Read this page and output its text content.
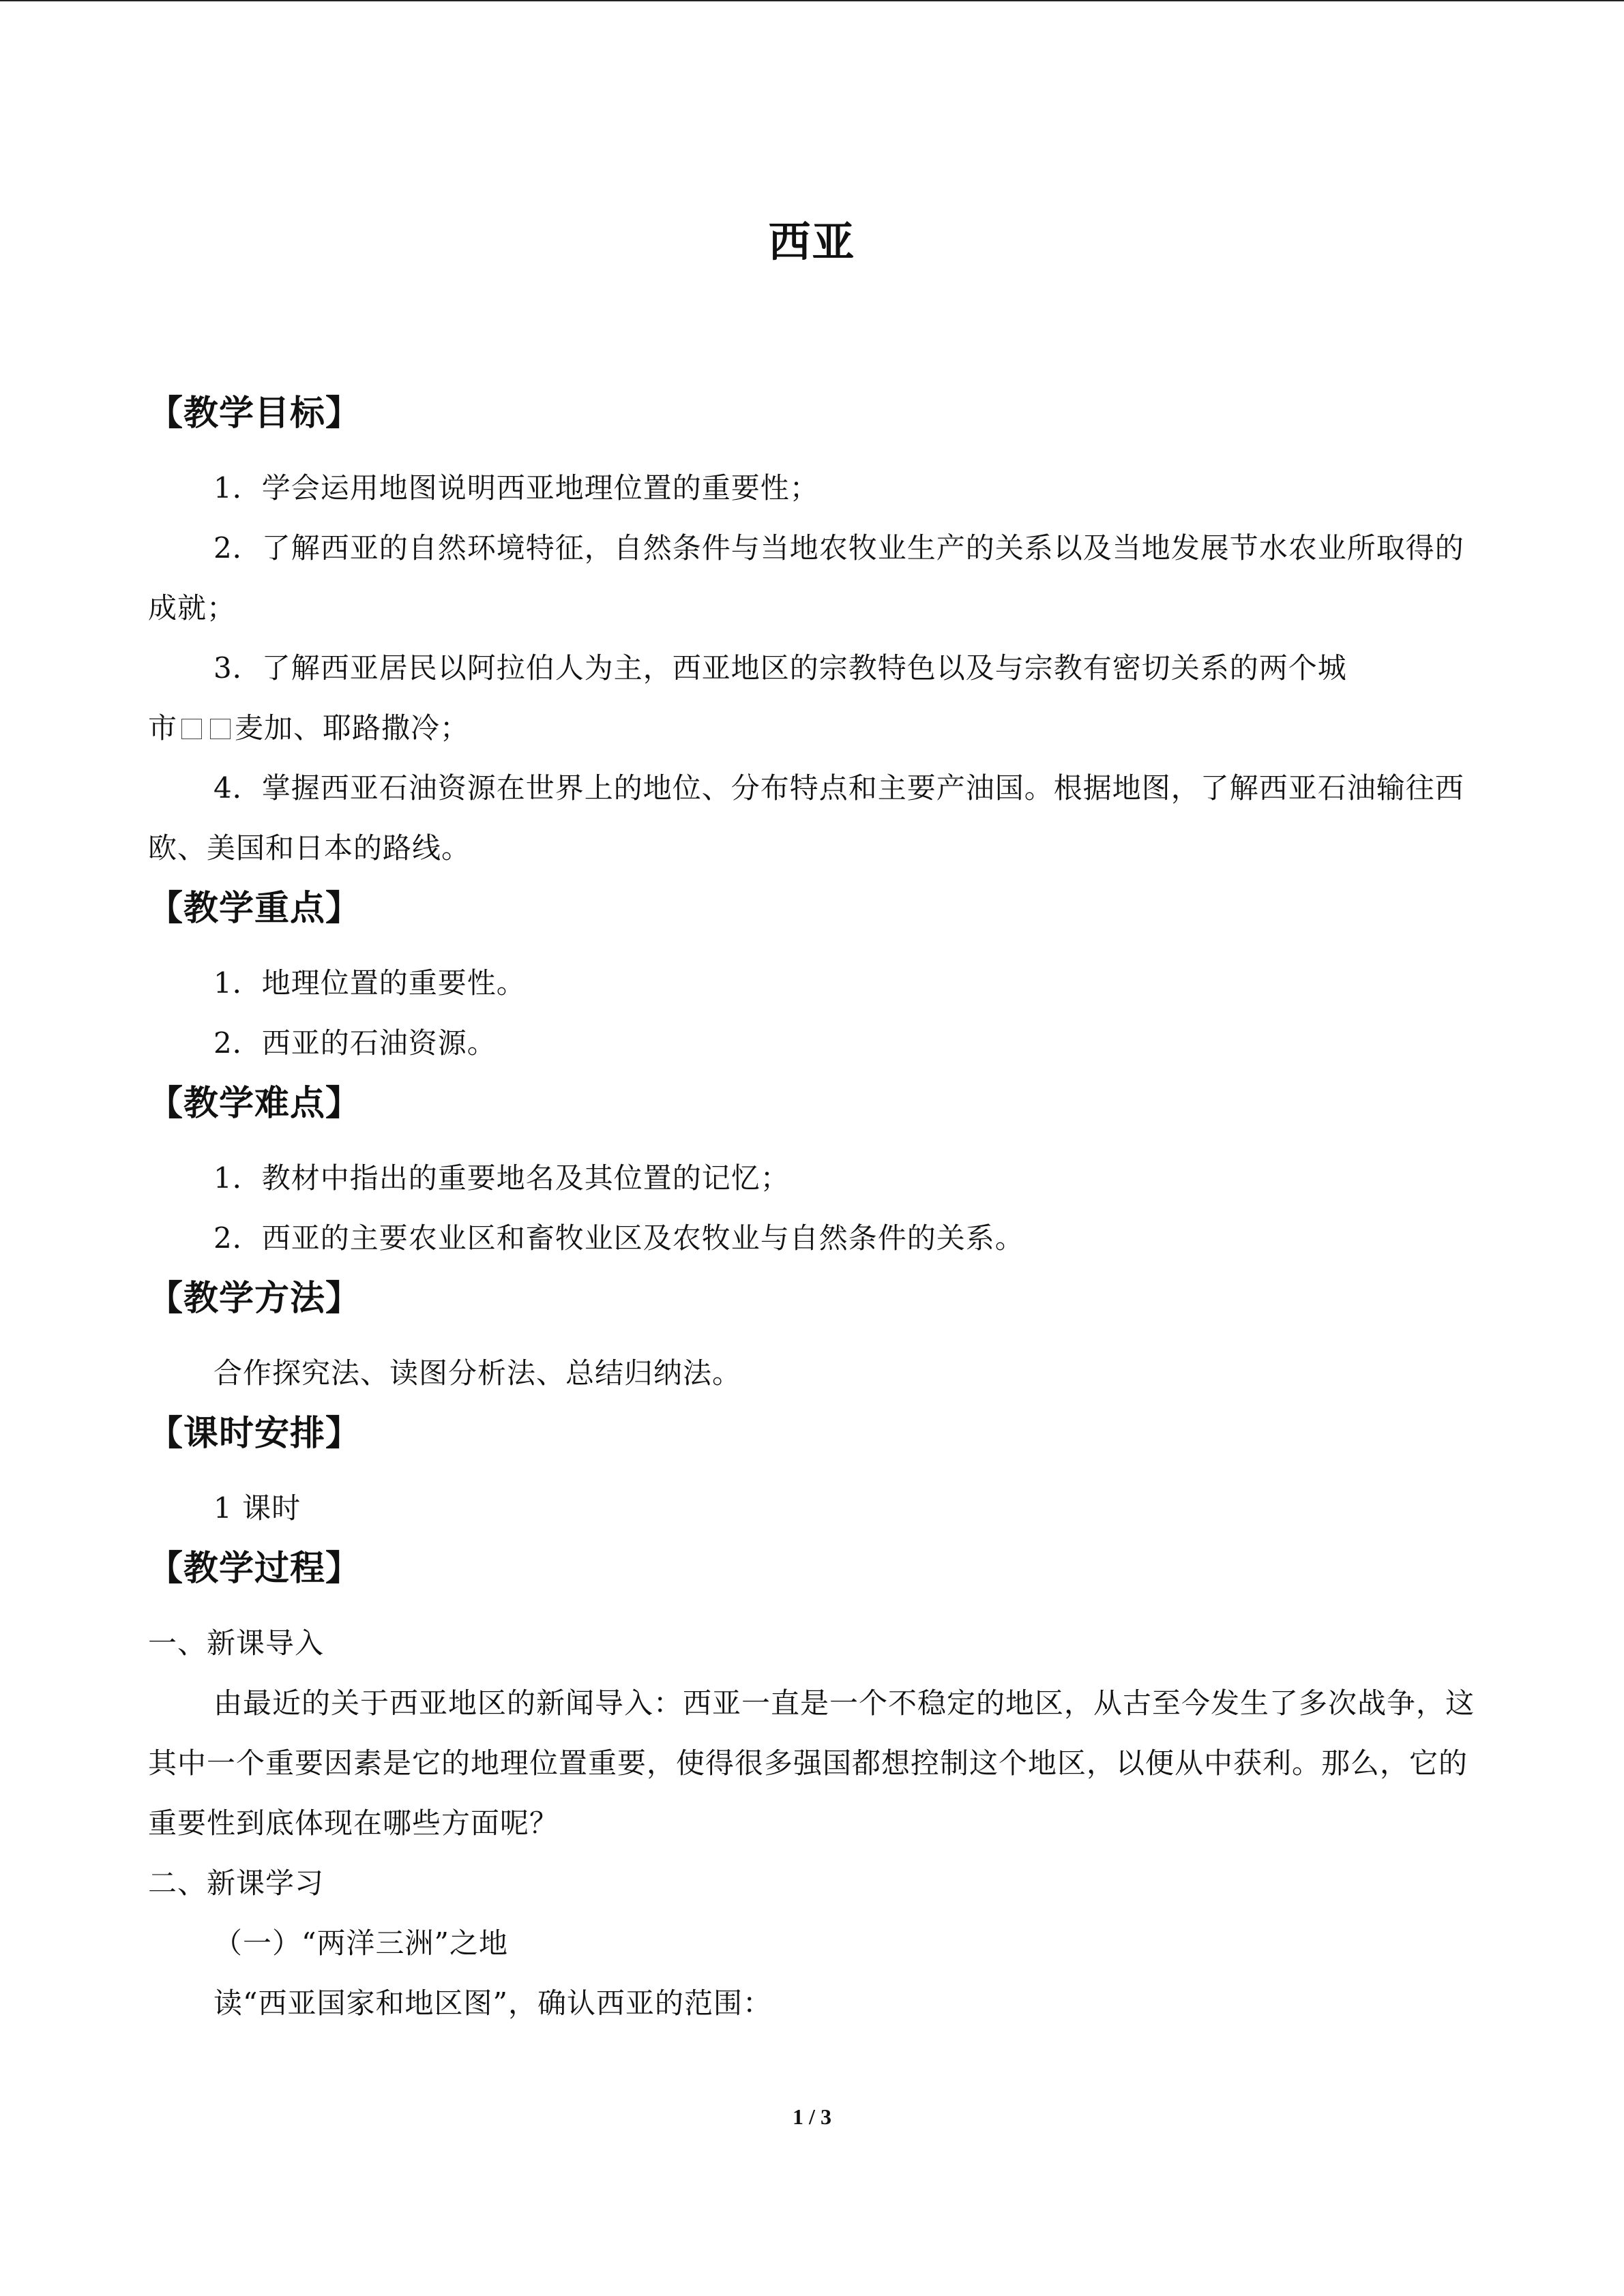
西亚
【教学目标】

1．学会运用地图说明西亚地理位置的重要性；

2．了解西亚的自然环境特征，自然条件与当地农牧业生产的关系以及当地发展节水农业所取得的成就；

3．了解西亚居民以阿拉伯人为主，西亚地区的宗教特色以及与宗教有密切关系的两个城

市 麦加、耶路撒冷；

4．掌握西亚石油资源在世界上的地位、分布特点和主要产油国。根据地图，了解西亚石油输往西欧、美国和日本的路线。

【教学重点】

1．地理位置的重要性。

2．西亚的石油资源。

【教学难点】

1．教材中指出的重要地名及其位置的记忆；

2．西亚的主要农业区和畜牧业区及农牧业与自然条件的关系。

【教学方法】

合作探究法、读图分析法、总结归纳法。

【课时安排】

1 课时

【教学过程】

一、新课导入

由最近的关于西亚地区的新闻导入：西亚一直是一个不稳定的地区，从古至今发生了多次战争，这其中一个重要因素是它的地理位置重要，使得很多强国都想控制这个地区，以便从中获利。那么，它的重要性到底体现在哪些方面呢？

二、新课学习

（一）“两洋三洲”之地

读“西亚国家和地区图”，确认西亚的范围：

1 / 3
